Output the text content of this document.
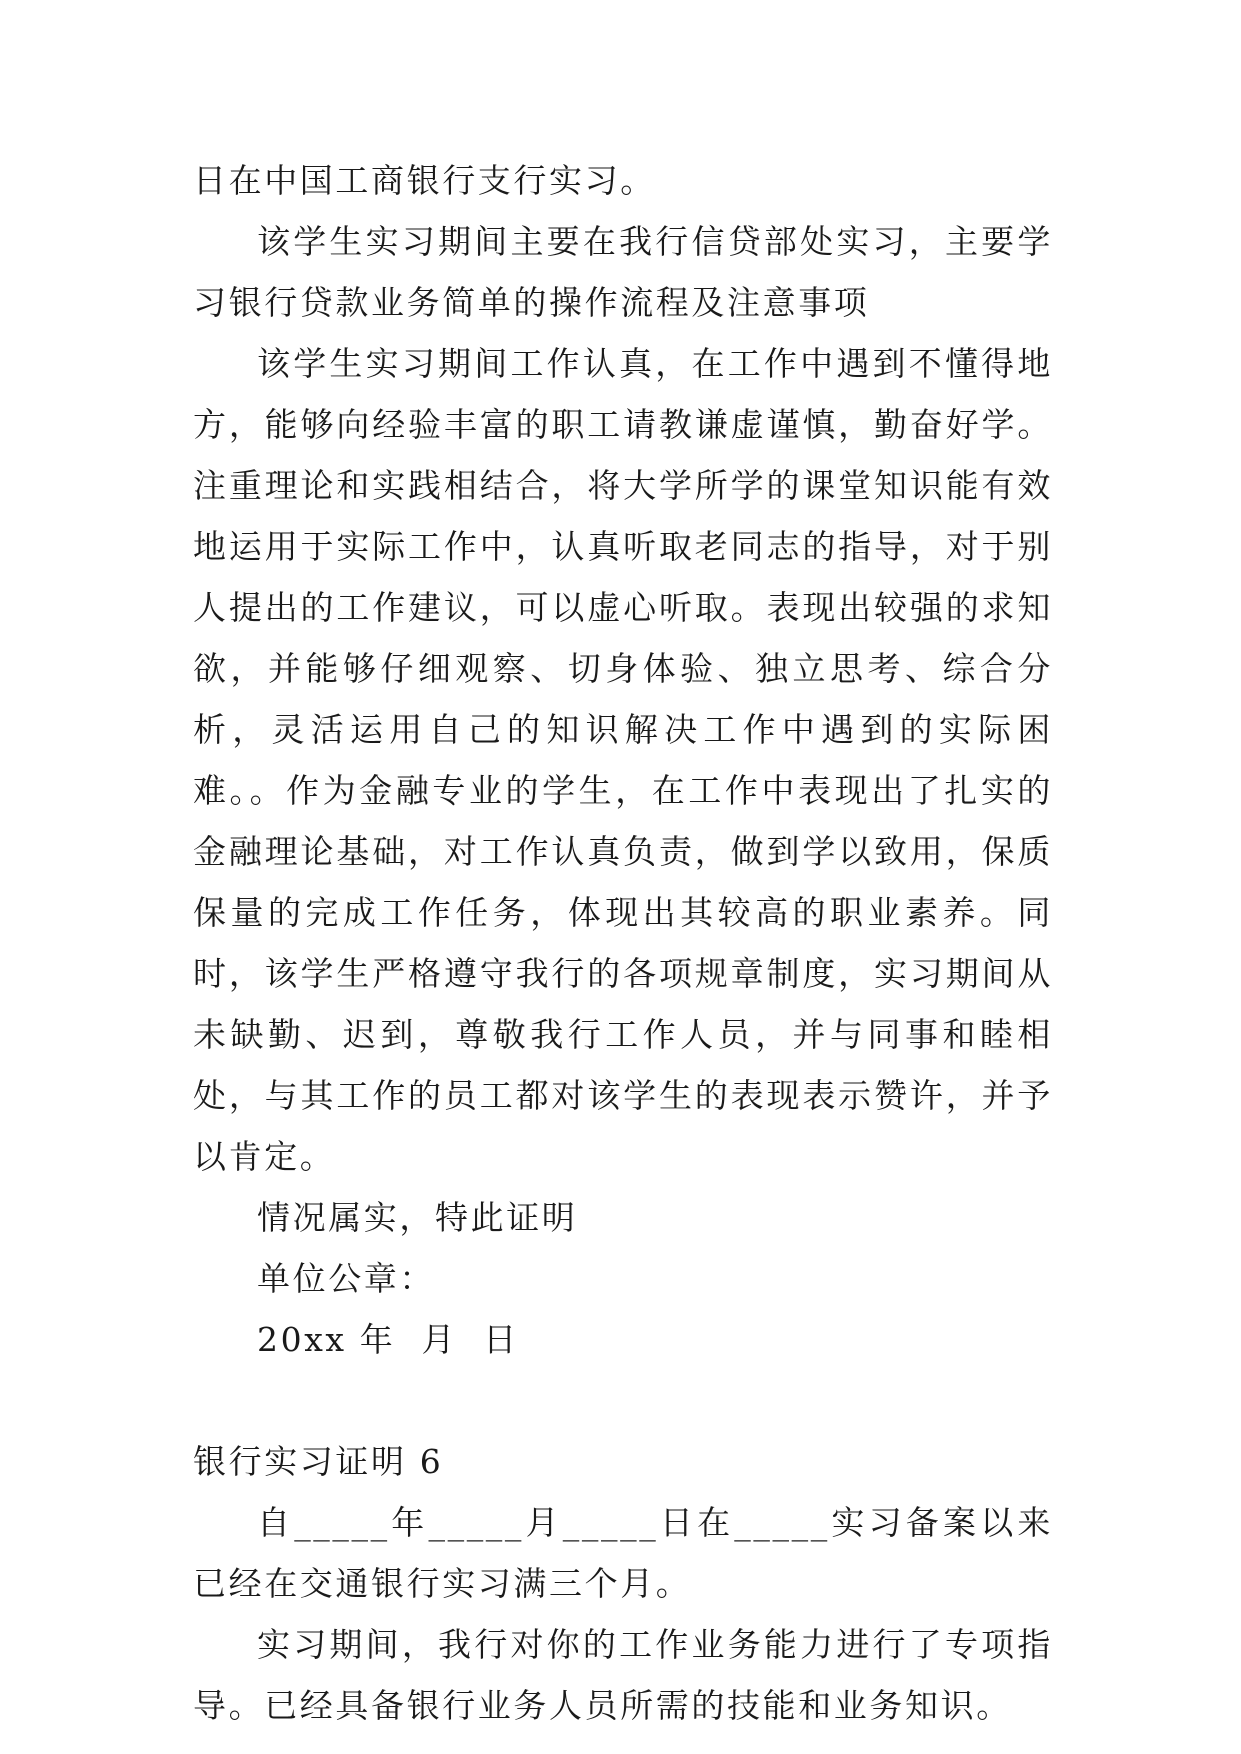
日在中国工商银行支行实习。

该学生实习期间主要在我行信贷部处实习，主要学习银行贷款业务简单的操作流程及注意事项

该学生实习期间工作认真，在工作中遇到不懂得地方，能够向经验丰富的职工请教谦虚谨慎，勤奋好学。注重理论和实践相结合，将大学所学的课堂知识能有效地运用于实际工作中，认真听取老同志的指导，对于别人提出的工作建议，可以虚心听取。表现出较强的求知欲，并能够仔细观察、切身体验、独立思考、综合分析，灵活运用自己的知识解决工作中遇到的实际困难。。作为金融专业的学生，在工作中表现出了扎实的金融理论基础，对工作认真负责，做到学以致用，保质保量的完成工作任务，体现出其较高的职业素养。同时，该学生严格遵守我行的各项规章制度，实习期间从未缺勤、迟到，尊敬我行工作人员，并与同事和睦相处，与其工作的员工都对该学生的表现表示赞许，并予以肯定。

情况属实，特此证明

单位公章：

20xx 年  月  日

银行实习证明 6

自_____年_____月_____日在_____实习备案以来已经在交通银行实习满三个月。

实习期间，我行对你的工作业务能力进行了专项指导。已经具备银行业务人员所需的技能和业务知识。
